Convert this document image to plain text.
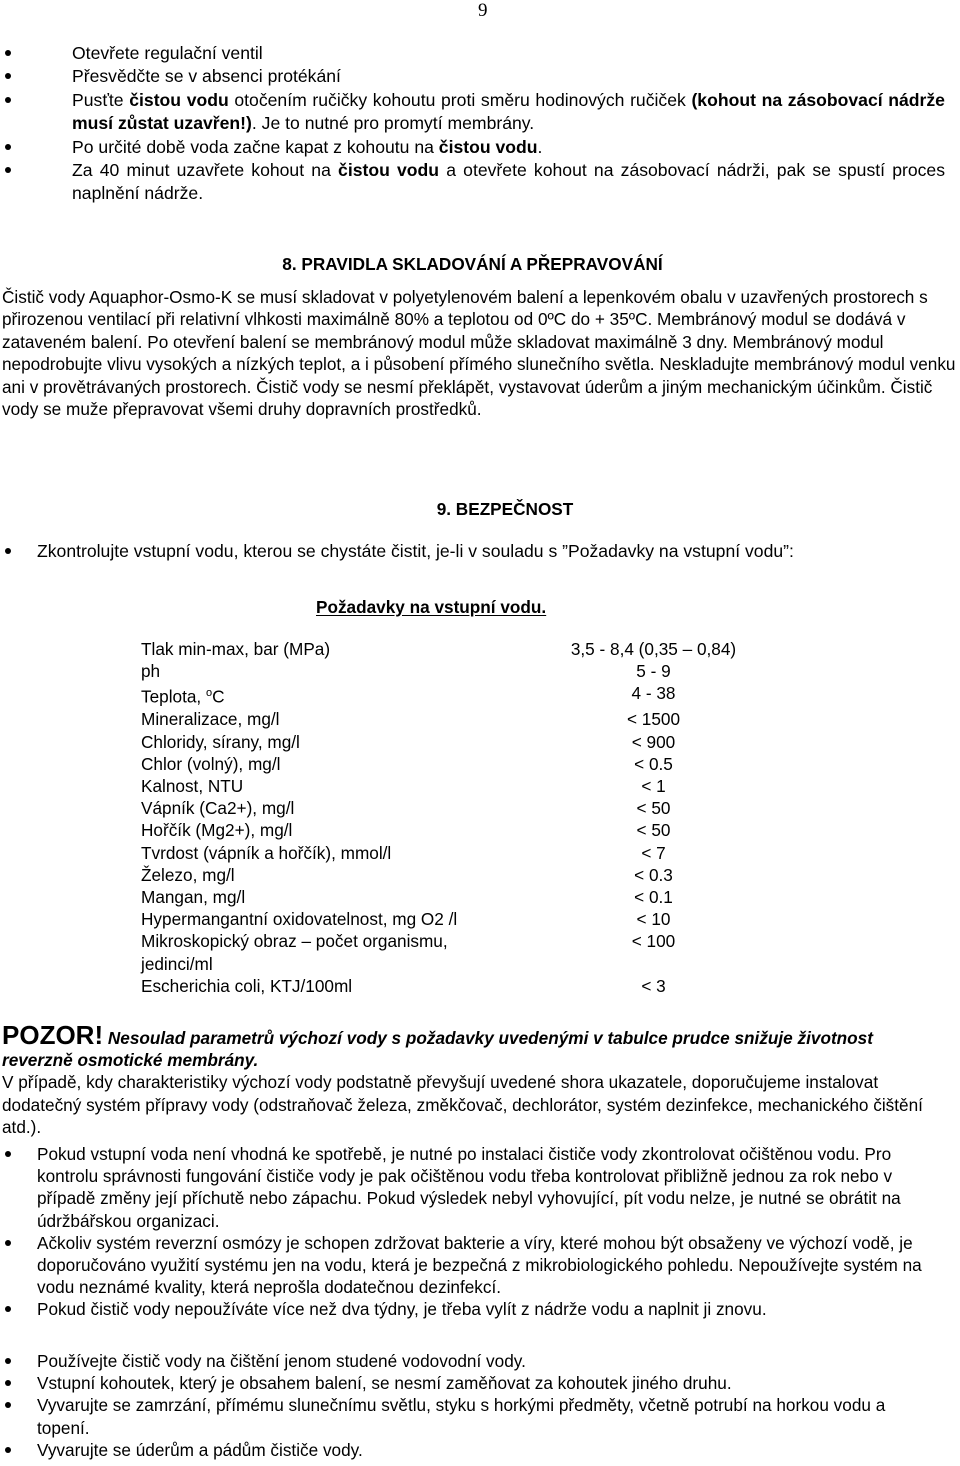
9
Otevřete regulační ventil
Přesvědčte se v absenci protékání
Pusťte čistou vodu otočením ručičky kohoutu proti směru hodinových ručiček (kohout na zásobovací nádrže musí zůstat uzavřen!). Je to nutné pro promytí membrány.
Po určité době voda začne kapat z kohoutu na čistou vodu.
Za 40 minut uzavřete kohout na čistou vodu a otevřete kohout na zásobovací nádrži, pak se spustí proces naplnění nádrže.
8. PRAVIDLA SKLADOVÁNÍ A PŘEPRAVOVÁNÍ

Čistič vody Aquaphor-Osmo-K se musí skladovat v polyetylenovém balení a lepenkovém obalu v uzavřených prostorech s přirozenou ventilací při relativní vlhkosti maximálně 80% a teplotou od 0ºC do + 35ºC. Membránový modul se dodává v zataveném balení. Po otevření balení se membránový modul může skladovat maximálně 3 dny. Membránový modul nepodrobujte vlivu vysokých a nízkých teplot, a i působení přímého slunečního světla. Neskladujte membránový modul venku ani v provětrávaných prostorech. Čistič vody se nesmí překlápět, vystavovat úderům a jiným mechanickým účinkům. Čistič vody se muže přepravovat všemi druhy dopravních prostředků.

9. BEZPEČNOST
Zkontrolujte vstupní vodu, kterou se chystáte čistit, je-li v souladu s ”Požadavky na vstupní vodu”:
Požadavky na vstupní vodu.
Tlak min-max, bar (MPa)	3,5 - 8,4 (0,35 – 0,84)
ph	5 - 9
Teplota, $^o$C	4 - 38
Mineralizace, mg/l	< 1500
Chloridy, sírany, mg/l	< 900
Chlor (volný), mg/l	< 0.5
Kalnost, NTU	< 1
Vápník (Ca2+), mg/l	< 50
Hořčík (Mg2+), mg/l	< 50
Tvrdost (vápník a hořčík), mmol/l	< 7
Železo, mg/l	< 0.3
Mangan, mg/l	< 0.1
Hypermangantní oxidovatelnost, mg O2 /l	< 10
Mikroskopický obraz – počet organismu, jedinci/ml	< 100
Escherichia coli, KTJ/100ml	< 3
POZOR! Nesoulad parametrů výchozí vody s požadavky uvedenými v tabulce prudce snižuje životnost reverzně osmotické membrány.
V případě, kdy charakteristiky výchozí vody podstatně převyšují uvedené shora ukazatele, doporučujeme instalovat dodatečný systém přípravy vody (odstraňovač železa, změkčovač, dechlorátor, systém dezinfekce, mechanického čištění atd.).
Pokud vstupní voda není vhodná ke spotřebě, je nutné po instalaci čističe vody zkontrolovat očištěnou vodu. Pro kontrolu správnosti fungování čističe vody je pak očištěnou vodu třeba kontrolovat přibližně jednou za rok nebo v případě změny její příchutě nebo zápachu. Pokud výsledek nebyl vyhovující, pít vodu nelze, je nutné se obrátit na údržbářskou organizaci.
Ačkoliv systém reverzní osmózy je schopen zdržovat bakterie a víry, které mohou být obsaženy ve výchozí vodě, je doporučováno využití systému jen na vodu, která je bezpečná z mikrobiologického pohledu. Nepoužívejte systém na vodu neznámé kvality, která neprošla dodatečnou dezinfekcí.
Pokud čistič vody nepoužíváte více než dva týdny, je třeba vylít z nádrže vodu a naplnit ji znovu.
Používejte čistič vody na čištění jenom studené vodovodní vody.
Vstupní kohoutek, který je obsahem balení, se nesmí zaměňovat za kohoutek jiného druhu.
Vyvarujte se zamrzání, přímému slunečnímu světlu, styku s horkými předměty, včetně potrubí na horkou vodu a topení.
Vyvarujte se úderům a pádům čističe vody.
